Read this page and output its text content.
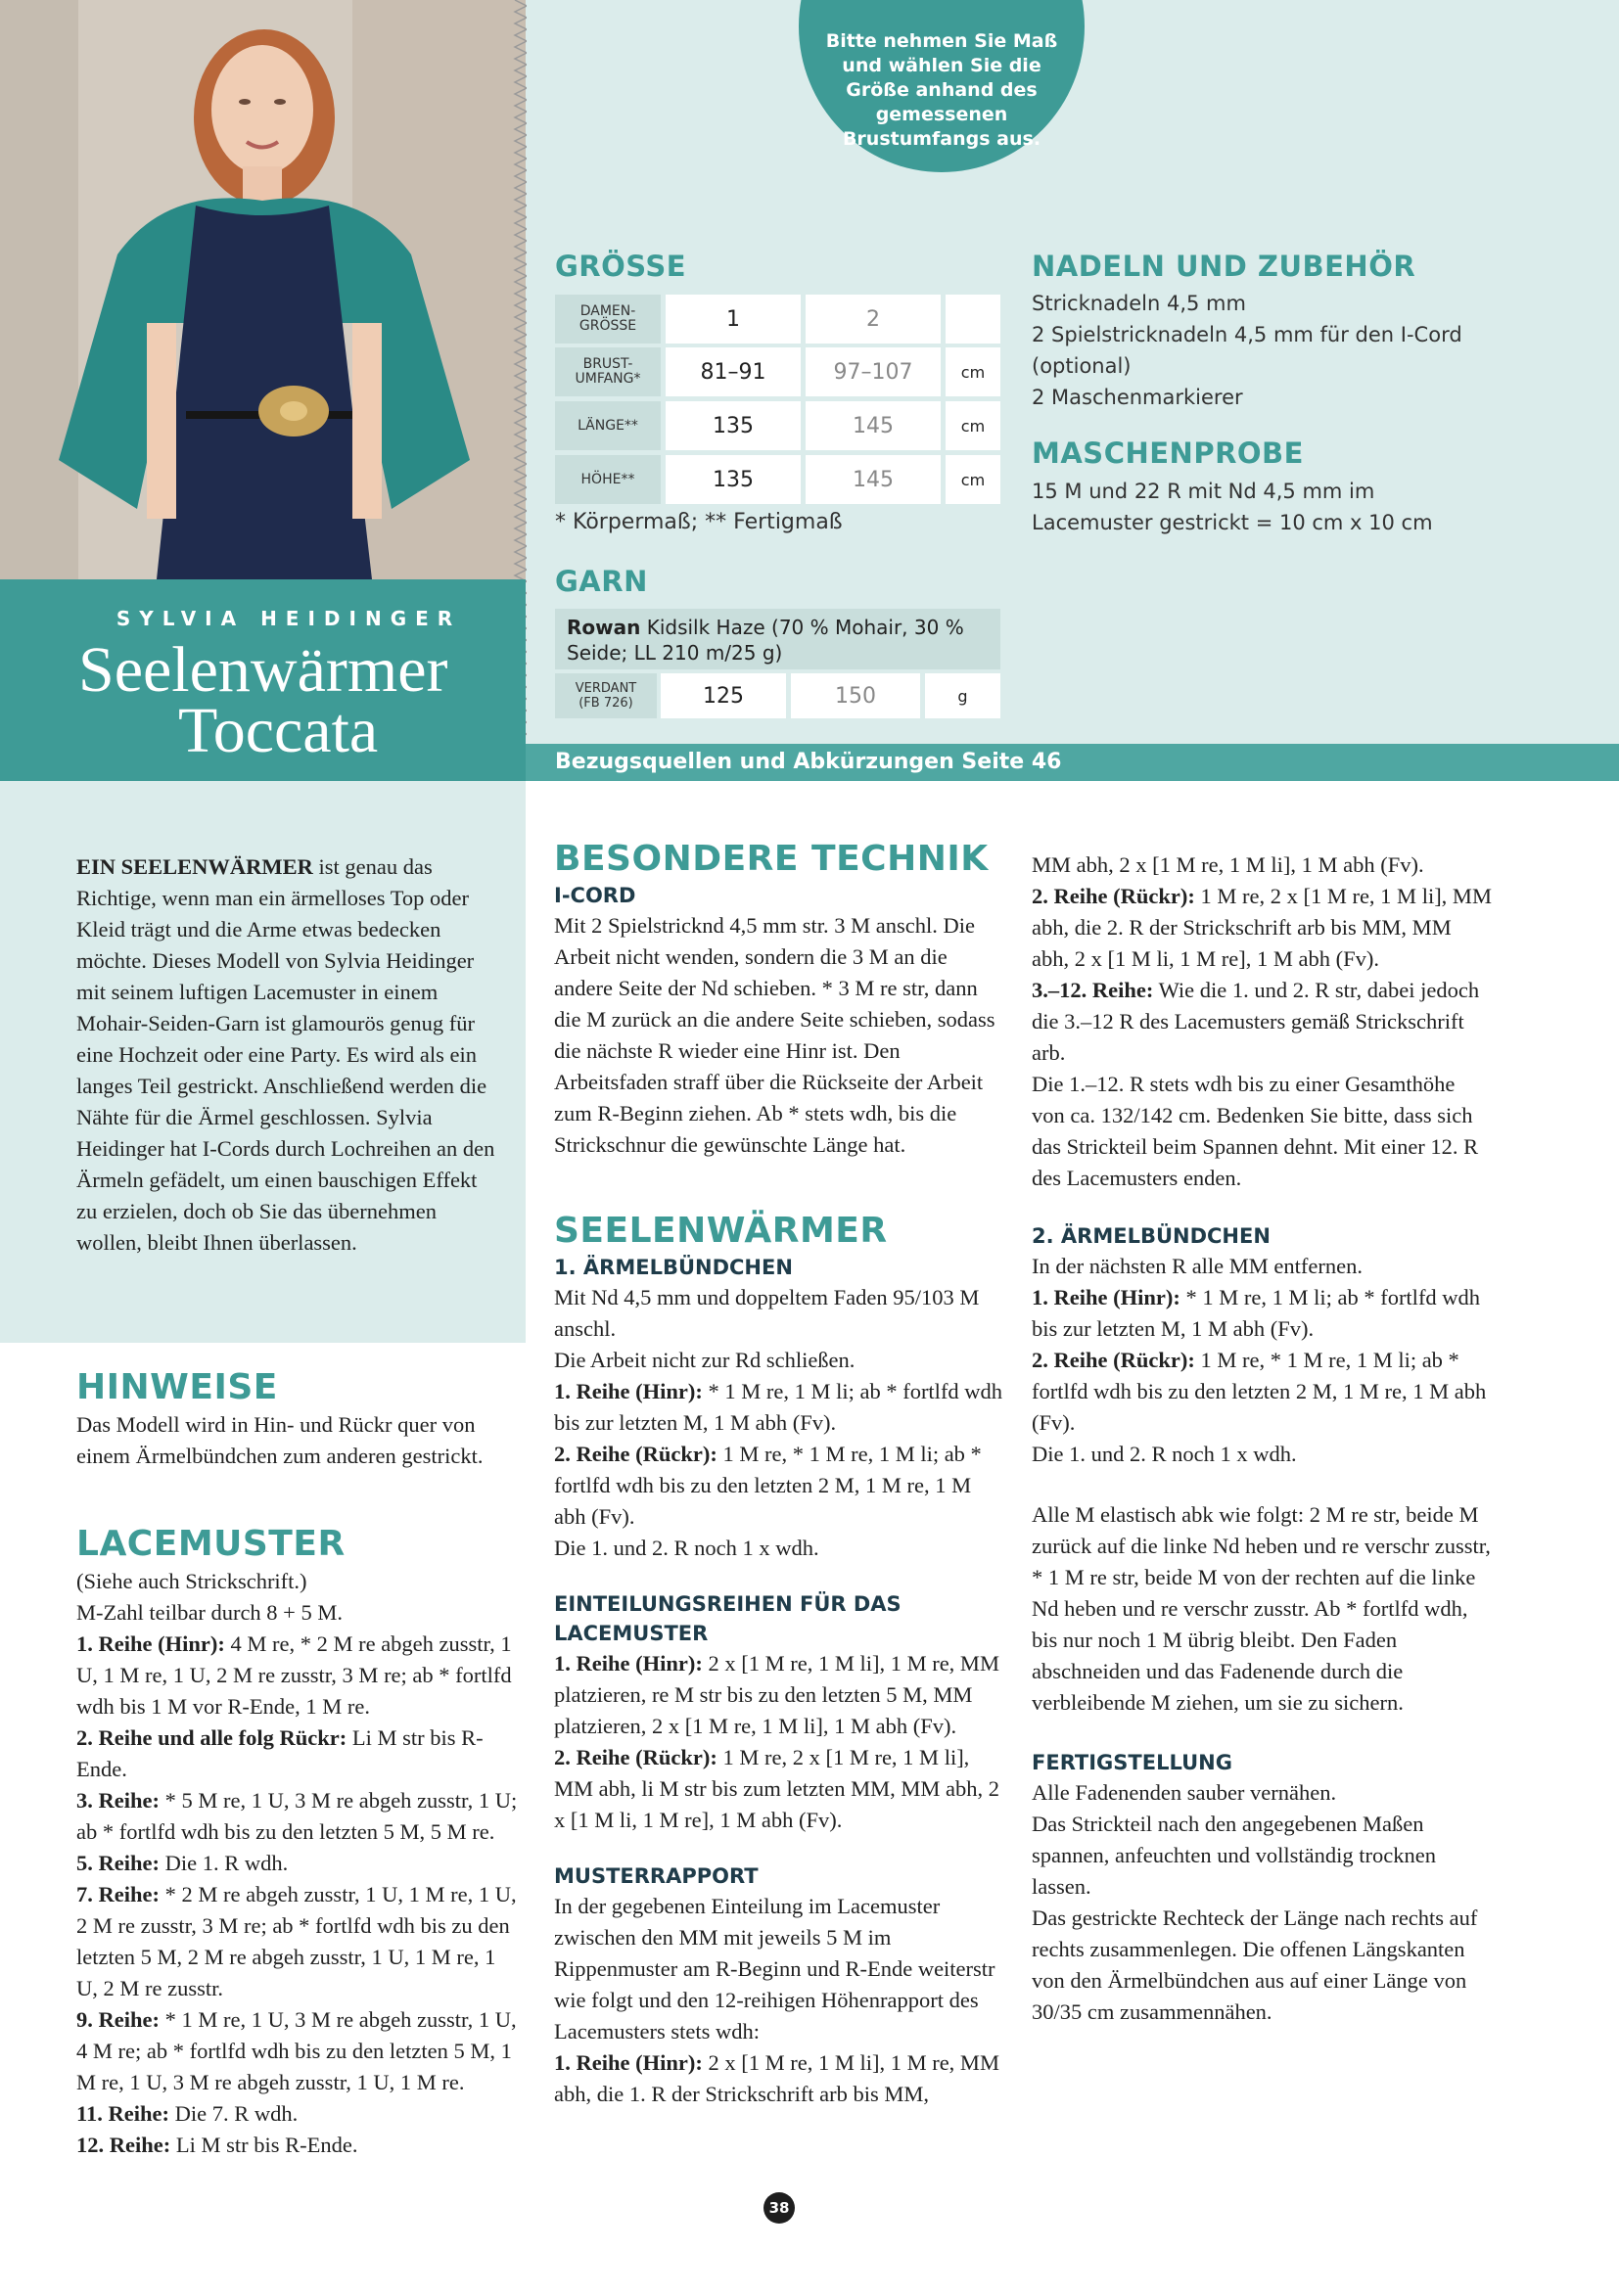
SYLVIA HEIDINGER
Seelenwärmer
Toccata
Bitte nehmen Sie Maß und wählen Sie die Größe anhand des gemessenen Brustumfangs aus.
Bezugsquellen und Abkürzungen Seite 46
GRÖSSE
DAMEN-
GRÖSSE	1	2
BRUST-
UMFANG*	81–91	97–107	cm
LÄNGE**	135	145	cm
HÖHE**	135	145	cm
* Körpermaß; ** Fertigmaß
GARN
Rowan Kidsilk Haze (70 % Mohair, 30 % Seide; LL 210 m/25 g)
VERDANT
(FB 726)	125	150	g
NADELN UND ZUBEHÖR
Stricknadeln 4,5 mm
2 Spielstricknadeln 4,5 mm für den I-Cord (optional)
2 Maschenmarkierer
MASCHENPROBE
15 M und 22 R mit Nd 4,5 mm im Lacemuster gestrickt = 10 cm x 10 cm

EIN SEELENWÄRMER ist genau das Richtige, wenn man ein ärmelloses Top oder Kleid trägt und die Arme etwas bedecken möchte. Dieses Modell von Sylvia Heidinger mit seinem luftigen Lacemuster in einem Mohair-Seiden-Garn ist glamourös genug für eine Hochzeit oder eine Party. Es wird als ein langes Teil gestrickt. Anschließend werden die Nähte für die Ärmel geschlossen. Sylvia Heidinger hat I-Cords durch Lochreihen an den Ärmeln gefädelt, um einen bauschigen Effekt zu erzielen, doch ob Sie das übernehmen wollen, bleibt Ihnen überlassen.

HINWEISE

Das Modell wird in Hin- und Rückr quer von einem Ärmelbündchen zum anderen gestrickt.

LACEMUSTER

(Siehe auch Strickschrift.)

M-Zahl teilbar durch 8 + 5 M.

1. Reihe (Hinr): 4 M re, * 2 M re abgeh zusstr, 1 U, 1 M re, 1 U, 2 M re zusstr, 3 M re; ab * fortlfd wdh bis 1 M vor R-Ende, 1 M re.

2. Reihe und alle folg Rückr: Li M str bis R-Ende.

3. Reihe: * 5 M re, 1 U, 3 M re abgeh zusstr, 1 U; ab * fortlfd wdh bis zu den letzten 5 M, 5 M re.

5. Reihe: Die 1. R wdh.

7. Reihe: * 2 M re abgeh zusstr, 1 U, 1 M re, 1 U, 2 M re zusstr, 3 M re; ab * fortlfd wdh bis zu den letzten 5 M, 2 M re abgeh zusstr, 1 U, 1 M re, 1 U, 2 M re zusstr.

9. Reihe: * 1 M re, 1 U, 3 M re abgeh zusstr, 1 U, 4 M re; ab * fortlfd wdh bis zu den letzten 5 M, 1 M re, 1 U, 3 M re abgeh zusstr, 1 U, 1 M re.

11. Reihe: Die 7. R wdh.

12. Reihe: Li M str bis R-Ende.

BESONDERE TECHNIK
I-CORD

Mit 2 Spielstricknd 4,5 mm str. 3 M anschl. Die Arbeit nicht wenden, sondern die 3 M an die andere Seite der Nd schieben. * 3 M re str, dann die M zurück an die andere Seite schieben, sodass die nächste R wieder eine Hinr ist. Den Arbeitsfaden straff über die Rückseite der Arbeit zum R-Beginn ziehen. Ab * stets wdh, bis die Strickschnur die gewünschte Länge hat.

SEELENWÄRMER
1. ÄRMELBÜNDCHEN

Mit Nd 4,5 mm und doppeltem Faden 95/103 M anschl.

Die Arbeit nicht zur Rd schließen.

1. Reihe (Hinr): * 1 M re, 1 M li; ab * fortlfd wdh bis zur letzten M, 1 M abh (Fv).

2. Reihe (Rückr): 1 M re, * 1 M re, 1 M li; ab * fortlfd wdh bis zu den letzten 2 M, 1 M re, 1 M abh (Fv).

Die 1. und 2. R noch 1 x wdh.

EINTEILUNGSREIHEN FÜR DAS LACEMUSTER

1. Reihe (Hinr): 2 x [1 M re, 1 M li], 1 M re, MM platzieren, re M str bis zu den letzten 5 M, MM platzieren, 2 x [1 M re, 1 M li], 1 M abh (Fv).

2. Reihe (Rückr): 1 M re, 2 x [1 M re, 1 M li], MM abh, li M str bis zum letzten MM, MM abh, 2 x [1 M li, 1 M re], 1 M abh (Fv).

MUSTERRAPPORT

In der gegebenen Einteilung im Lacemuster zwischen den MM mit jeweils 5 M im Rippenmuster am R-Beginn und R-Ende weiterstr wie folgt und den 12-reihigen Höhenrapport des Lacemusters stets wdh:

1. Reihe (Hinr): 2 x [1 M re, 1 M li], 1 M re, MM abh, die 1. R der Strickschrift arb bis MM,

MM abh, 2 x [1 M re, 1 M li], 1 M abh (Fv).

2. Reihe (Rückr): 1 M re, 2 x [1 M re, 1 M li], MM abh, die 2. R der Strickschrift arb bis MM, MM abh, 2 x [1 M li, 1 M re], 1 M abh (Fv).

3.–12. Reihe: Wie die 1. und 2. R str, dabei jedoch die 3.–12 R des Lacemusters gemäß Strickschrift arb.

Die 1.–12. R stets wdh bis zu einer Gesamthöhe von ca. 132/142 cm. Bedenken Sie bitte, dass sich das Strickteil beim Spannen dehnt. Mit einer 12. R des Lacemusters enden.

2. ÄRMELBÜNDCHEN

In der nächsten R alle MM entfernen.

1. Reihe (Hinr): * 1 M re, 1 M li; ab * fortlfd wdh bis zur letzten M, 1 M abh (Fv).

2. Reihe (Rückr): 1 M re, * 1 M re, 1 M li; ab * fortlfd wdh bis zu den letzten 2 M, 1 M re, 1 M abh (Fv).

Die 1. und 2. R noch 1 x wdh.

Alle M elastisch abk wie folgt: 2 M re str, beide M zurück auf die linke Nd heben und re verschr zusstr, * 1 M re str, beide M von der rechten auf die linke Nd heben und re verschr zusstr. Ab * fortlfd wdh, bis nur noch 1 M übrig bleibt. Den Faden abschneiden und das Fadenende durch die verbleibende M ziehen, um sie zu sichern.

FERTIGSTELLUNG

Alle Fadenenden sauber vernähen.

Das Strickteil nach den angegebenen Maßen spannen, anfeuchten und vollständig trocknen lassen.

Das gestrickte Rechteck der Länge nach rechts auf rechts zusammenlegen. Die offenen Längskanten von den Ärmelbündchen aus auf einer Länge von 30/35 cm zusammennähen.

38
